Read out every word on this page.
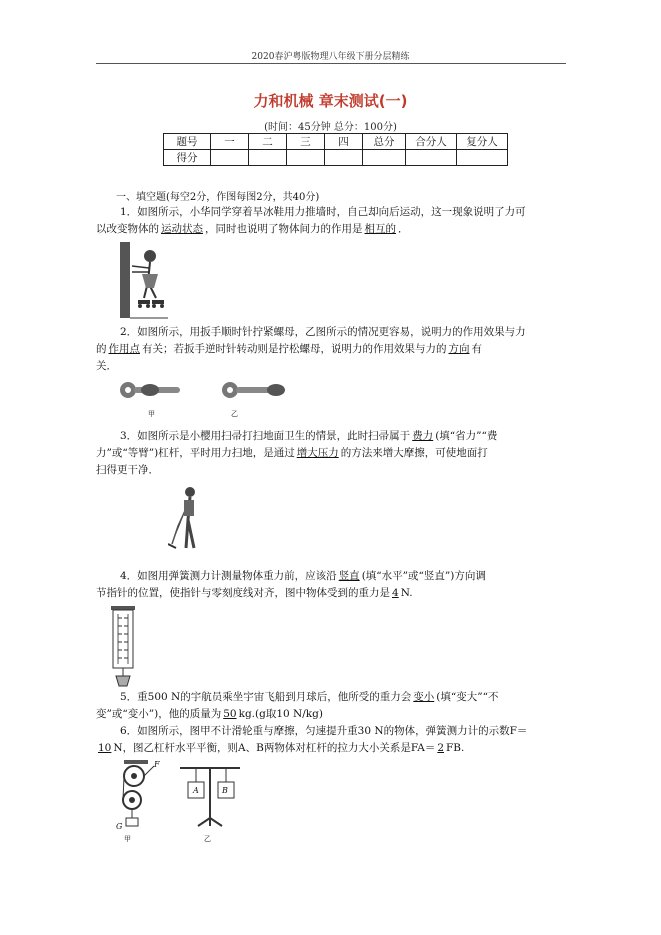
2020春沪粤版物理八年级下册分层精练
力和机械 章末测试(一)
(时间：45分钟 总分：100分)
题号	一	二	三	四	总分	合分人	复分人
得分							
一、填空题(每空2分，作图每图2分，共40分)
1．如图所示，小华同学穿着旱冰鞋用力推墙时，自己却向后运动，这一现象说明了力可
以改变物体的 运动状态 ，同时也说明了物体间力的作用是 相互的 ．
2．如图所示，用扳手顺时针拧紧螺母，乙图所示的情况更容易，说明力的作用效果与力
的 作用点 有关；若扳手逆时针转动则是拧松螺母，说明力的作用效果与力的 方向 有
关．
甲	乙
3．如图所示是小樱用扫帚打扫地面卫生的情景，此时扫帚属于 费力 (填“省力”“费
力”或“等臂”)杠杆，平时用力扫地，是通过 增大压力 的方法来增大摩擦，可使地面打
扫得更干净．
4．如图用弹簧测力计测量物体重力前，应该沿 竖直 (填“水平”或“竖直”)方向调
节指针的位置，使指针与零刻度线对齐，图中物体受到的重力是 4 N.
5．重500 N的宇航员乘坐宇宙飞船到月球后，他所受的重力会 变小 (填“变大”“不
变”或“变小”)，他的质量为 50 kg.(g取10 N/kg)
6．如图所示，图甲不计滑轮重与摩擦，匀速提升重30 N的物体，弹簧测力计的示数F＝
10 N，图乙杠杆水平平衡，则A、B两物体对杠杆的拉力大小关系是FA＝ 2 FB.
F
G
甲
A	B
乙
